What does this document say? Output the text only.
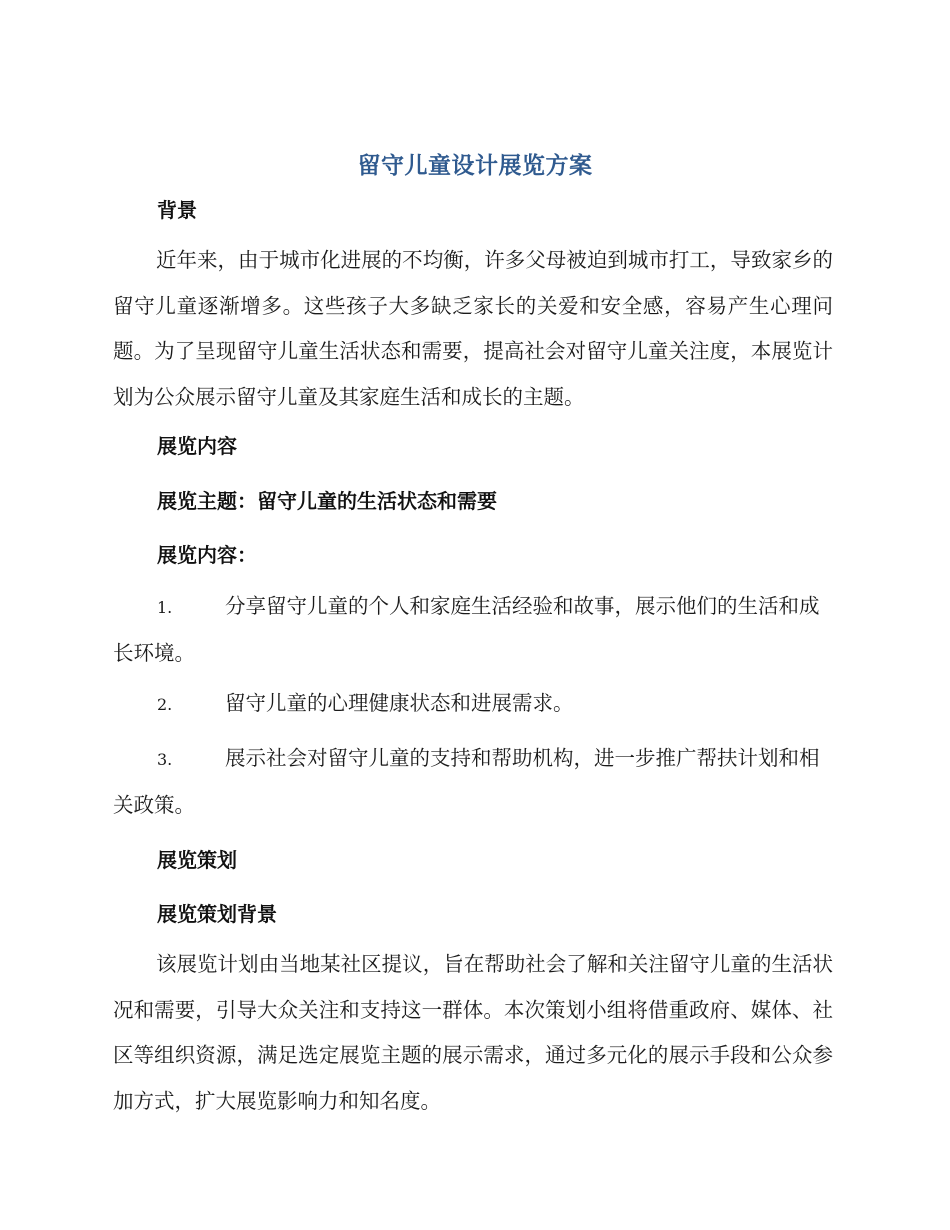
留守儿童设计展览方案
背景
近年来，由于城市化进展的不均衡，许多父母被迫到城市打工，导致家乡的留守儿童逐渐增多。这些孩子大多缺乏家长的关爱和安全感，容易产生心理问题。为了呈现留守儿童生活状态和需要，提高社会对留守儿童关注度，本展览计划为公众展示留守儿童及其家庭生活和成长的主题。
展览内容
展览主题：留守儿童的生活状态和需要
展览内容：
1.	分享留守儿童的个人和家庭生活经验和故事，展示他们的生活和成长环境。
2.	留守儿童的心理健康状态和进展需求。
3.	展示社会对留守儿童的支持和帮助机构，进一步推广帮扶计划和相关政策。
展览策划
展览策划背景
该展览计划由当地某社区提议，旨在帮助社会了解和关注留守儿童的生活状况和需要，引导大众关注和支持这一群体。本次策划小组将借重政府、媒体、社区等组织资源，满足选定展览主题的展示需求，通过多元化的展示手段和公众参加方式，扩大展览影响力和知名度。
